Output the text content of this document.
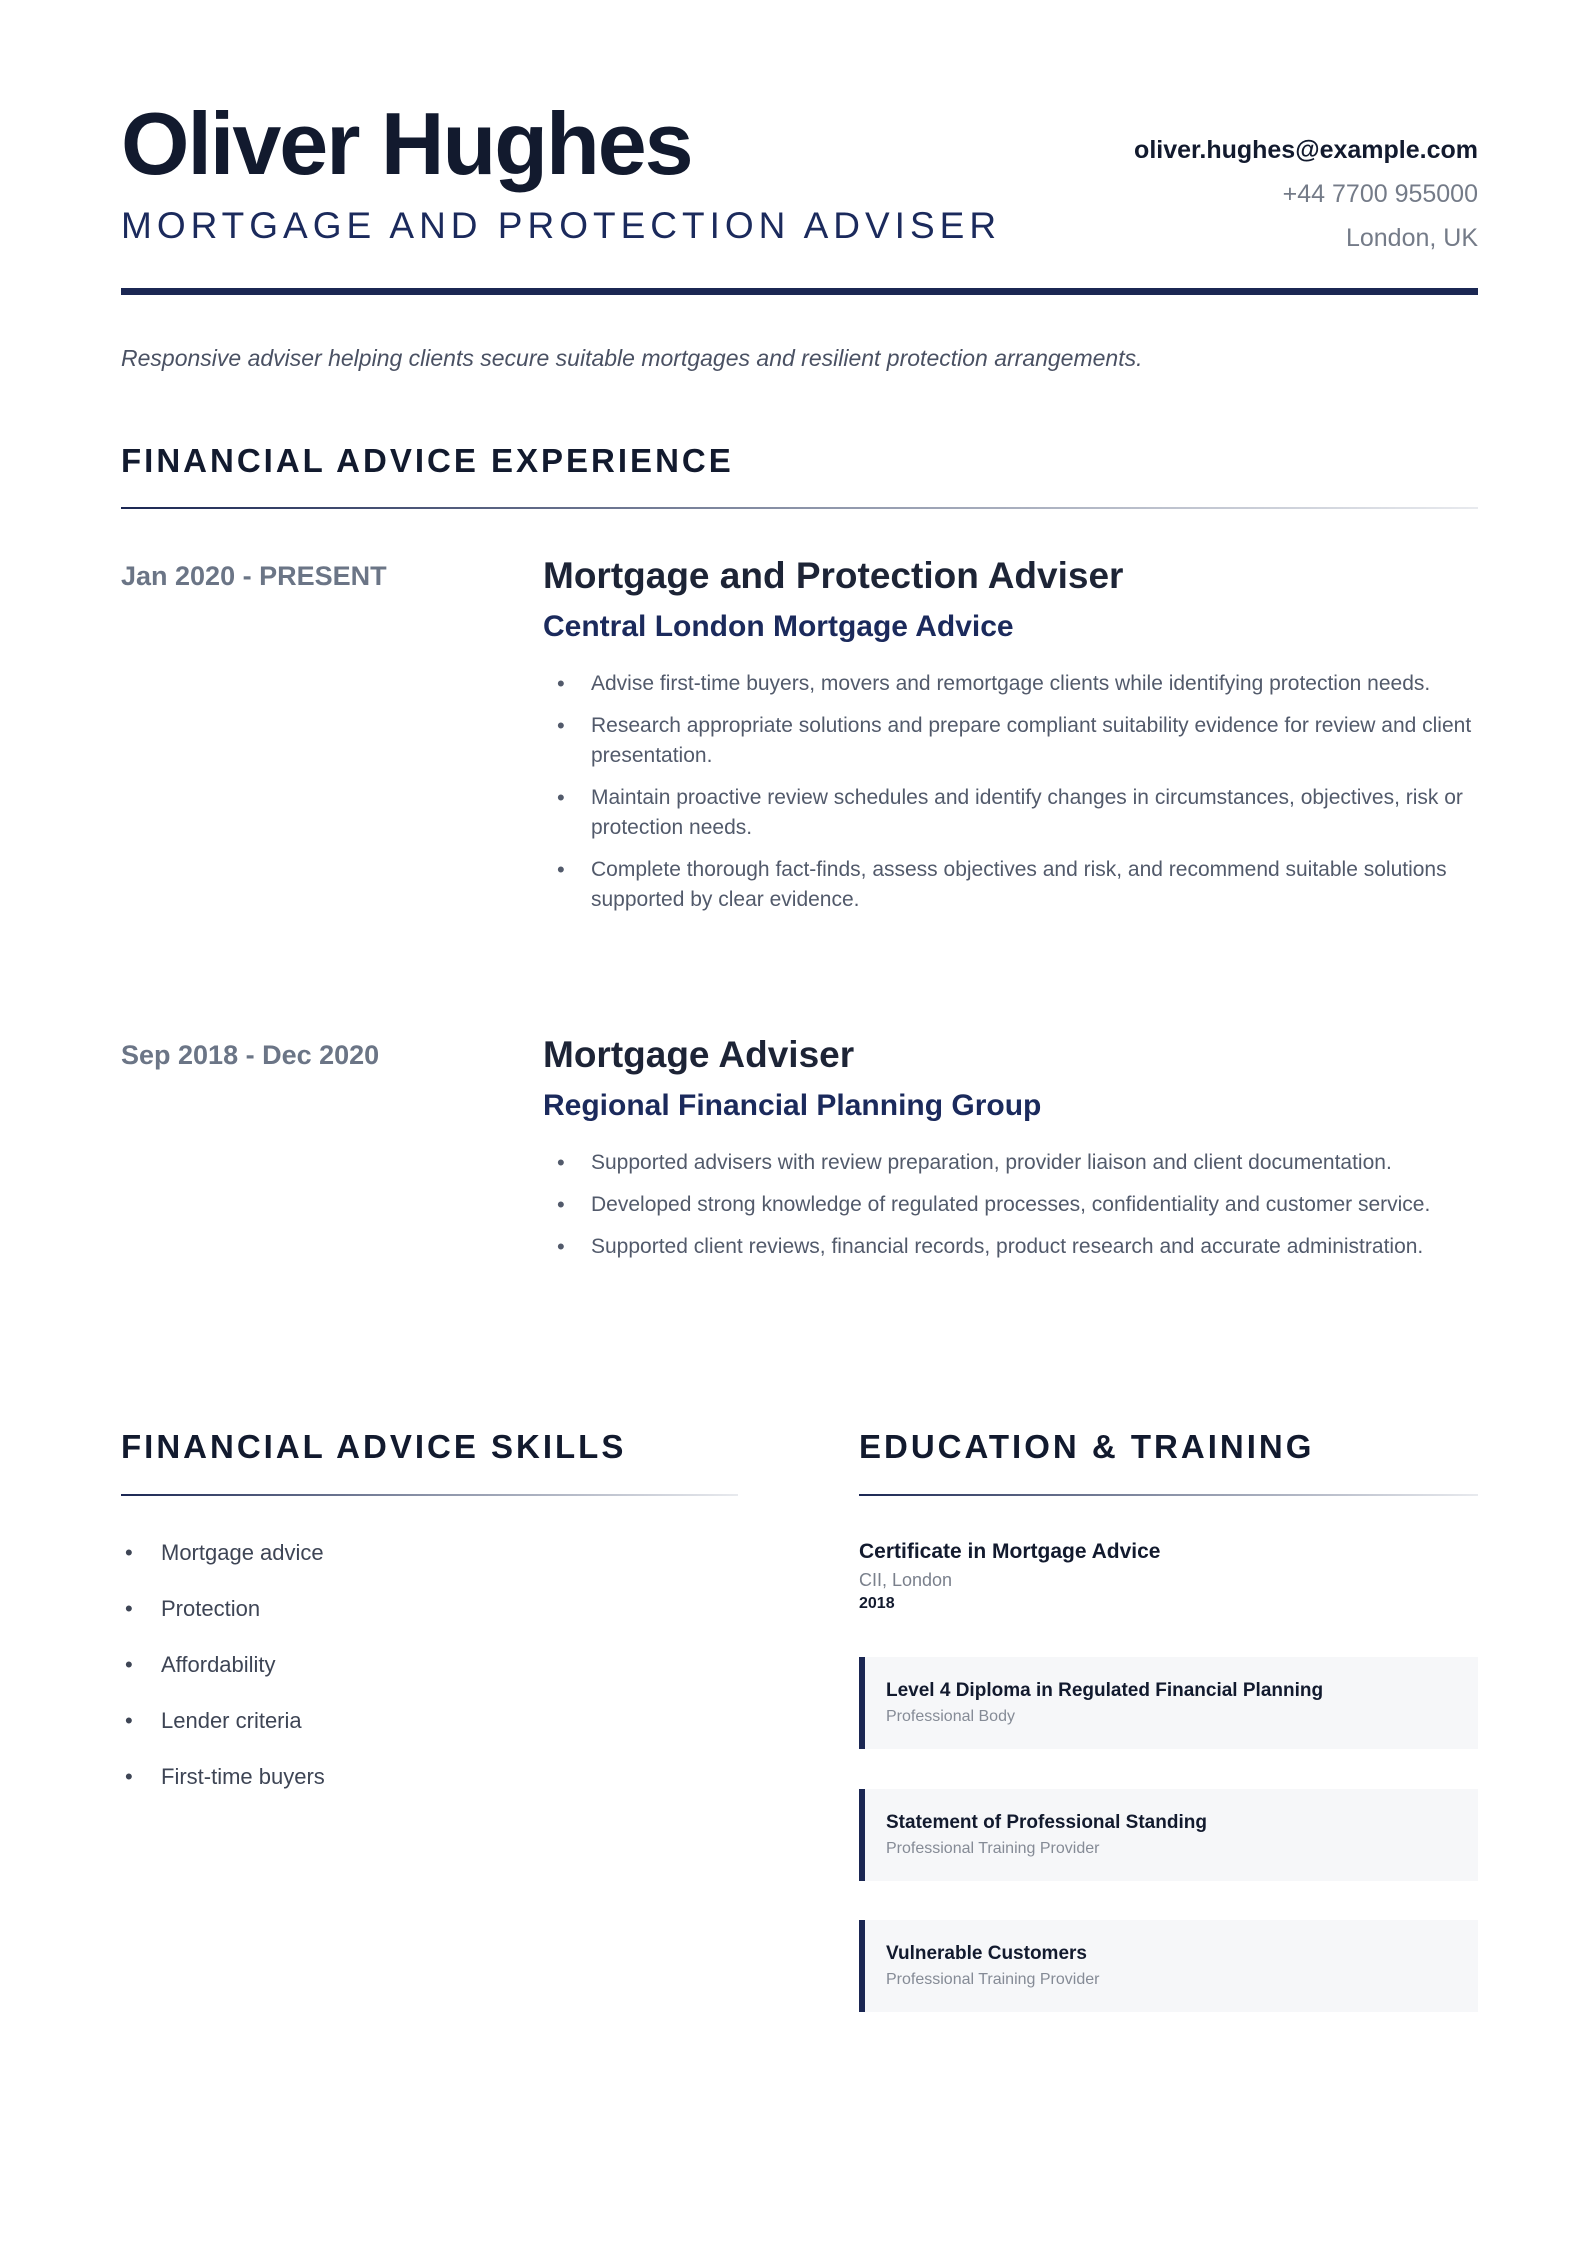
Oliver Hughes
MORTGAGE AND PROTECTION ADVISER
oliver.hughes@example.com
+44 7700 955000
London, UK
Responsive adviser helping clients secure suitable mortgages and resilient protection arrangements.
FINANCIAL ADVICE EXPERIENCE
Jan 2020 - PRESENT	Mortgage and Protection Adviser
Central London Mortgage Advice
• Advise first-time buyers, movers and remortgage clients while identifying protection needs.
• Research appropriate solutions and prepare compliant suitability evidence for review and client presentation.
• Maintain proactive review schedules and identify changes in circumstances, objectives, risk or protection needs.
• Complete thorough fact-finds, assess objectives and risk, and recommend suitable solutions supported by clear evidence.
Sep 2018 - Dec 2020	Mortgage Adviser
Regional Financial Planning Group
• Supported advisers with review preparation, provider liaison and client documentation.
• Developed strong knowledge of regulated processes, confidentiality and customer service.
• Supported client reviews, financial records, product research and accurate administration.
FINANCIAL ADVICE SKILLS
• Mortgage advice
• Protection
• Affordability
• Lender criteria
• First-time buyers
EDUCATION & TRAINING
Certificate in Mortgage Advice
CII, London
2018
Level 4 Diploma in Regulated Financial Planning
Professional Body
Statement of Professional Standing
Professional Training Provider
Vulnerable Customers
Professional Training Provider
